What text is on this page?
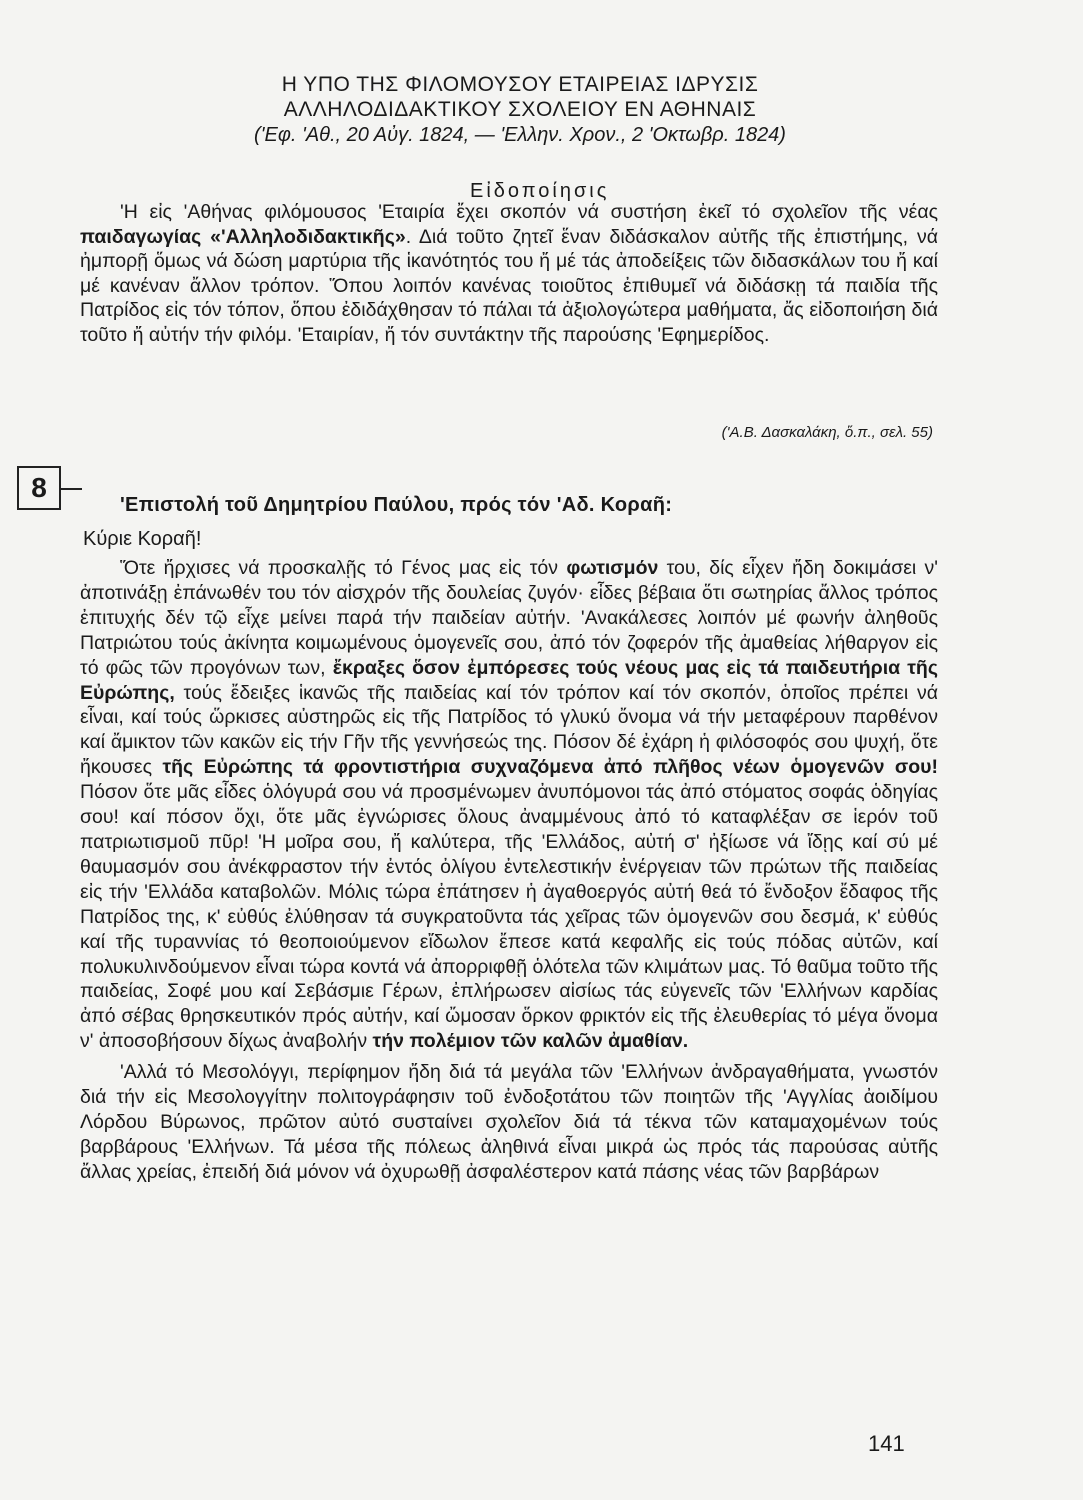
Η ΥΠΟ ΤΗΣ ΦΙΛΟΜΟΥΣΟΥ ΕΤΑΙΡΕΙΑΣ ΙΔΡΥΣΙΣ
ΑΛΛΗΛΟΔΙΔΑΚΤΙΚΟΥ ΣΧΟΛΕΙΟΥ ΕΝ ΑΘΗΝΑΙΣ
('Εφ. 'Αθ., 20 Αὐγ. 1824, — 'Ελλην. Χρον., 2 'Οκτωβρ. 1824)
Εἰδοποίησις

'Η εἰς 'Αθήνας φιλόμουσος 'Εταιρία ἔχει σκοπόν νά συστήση ἐκεῖ τό σχολεῖον τῆς νέας παιδαγωγίας «'Αλληλοδιδακτικῆς». Διά τοῦτο ζητεῖ ἕναν διδάσκαλον αὐτῆς τῆς ἐπιστήμης, νά ἠμπορῇ ὅμως νά δώση μαρτύρια τῆς ἱκανότητός του ἤ μέ τάς ἀποδείξεις τῶν διδασκάλων του ἤ καί μέ κανέναν ἄλλον τρόπον. Ὅπου λοιπόν κανένας τοιοῦτος ἐπιθυμεῖ νά διδάσκῃ τά παιδία τῆς Πατρίδος εἰς τόν τόπον, ὅπου ἐδιδάχθησαν τό πάλαι τά ἀξιολογώτερα μαθήματα, ἄς εἰδοποιήση διά τοῦτο ἤ αὐτήν τήν φιλόμ. 'Εταιρίαν, ἤ τόν συντάκτην τῆς παρούσης 'Εφημερίδος.

('Α.Β. Δασκαλάκη, ὅ.π., σελ. 55)
8
'Επιστολή τοῦ Δημητρίου Παύλου, πρός τόν 'Αδ. Κοραῆ:
Κύριε Κοραῆ!

Ὅτε ἤρχισες νά προσκαλῇς τό Γένος μας εἰς τόν φωτισμόν του, δίς εἶχεν ἤδη δοκιμάσει ν' ἀποτινάξῃ ἐπάνωθέν του τόν αἰσχρόν τῆς δουλείας ζυγόν· εἶδες βέβαια ὅτι σωτηρίας ἄλλος τρόπος ἐπιτυχής δέν τῷ εἶχε μείνει παρά τήν παιδείαν αὐτήν. 'Ανακάλεσες λοιπόν μέ φωνήν ἀληθοῦς Πατριώτου τούς ἀκίνητα κοιμωμένους ὁμογενεῖς σου, ἀπό τόν ζοφερόν τῆς ἀμαθείας λήθαργον εἰς τό φῶς τῶν προγόνων των, ἔκραξες ὅσον ἐμπόρεσες τούς νέους μας εἰς τά παιδευτήρια τῆς Εὐρώπης, τούς ἔδειξες ἱκανῶς τῆς παιδείας καί τόν τρόπον καί τόν σκοπόν, ὁποῖος πρέπει νά εἶναι, καί τούς ὥρκισες αὐστηρῶς εἰς τῆς Πατρίδος τό γλυκύ ὄνομα νά τήν μεταφέρουν παρθένον καί ἄμικτον τῶν κακῶν εἰς τήν Γῆν τῆς γεννήσεώς της. Πόσον δέ ἐχάρη ἡ φιλόσοφός σου ψυχή, ὅτε ἤκουσες τῆς Εὐρώπης τά φροντιστήρια συχναζόμενα ἀπό πλῆθος νέων ὁμογενῶν σου! Πόσον ὅτε μᾶς εἶδες ὁλόγυρά σου νά προσμένωμεν ἀνυπόμονοι τάς ἀπό στόματος σοφάς ὁδηγίας σου! καί πόσον ὄχι, ὅτε μᾶς ἐγνώρισες ὅλους ἀναμμένους ἀπό τό καταφλέξαν σε ἱερόν τοῦ πατριωτισμοῦ πῦρ! 'Η μοῖρα σου, ἤ καλύτερα, τῆς 'Ελλάδος, αὐτή σ' ἠξίωσε νά ἴδῃς καί σύ μέ θαυμασμόν σου ἀνέκφραστον τήν ἐντός ὀλίγου ἐντελεστικήν ἐνέργειαν τῶν πρώτων τῆς παιδείας εἰς τήν 'Ελλάδα καταβολῶν. Μόλις τώρα ἐπάτησεν ἡ ἀγαθοεργός αὐτή θεά τό ἔνδοξον ἔδαφος τῆς Πατρίδος της, κ' εὐθύς ἐλύθησαν τά συγκρατοῦντα τάς χεῖρας τῶν ὁμογενῶν σου δεσμά, κ' εὐθύς καί τῆς τυραννίας τό θεοποιούμενον εἴδωλον ἔπεσε κατά κεφαλῆς εἰς τούς πόδας αὐτῶν, καί πολυκυλινδούμενον εἶναι τώρα κοντά νά ἀπορριφθῇ ὁλότελα τῶν κλιμάτων μας. Τό θαῦμα τοῦτο τῆς παιδείας, Σοφέ μου καί Σεβάσμιε Γέρων, ἐπλήρωσεν αἰσίως τάς εὐγενεῖς τῶν 'Ελλήνων καρδίας ἀπό σέβας θρησκευτικόν πρός αὐτήν, καί ὤμοσαν ὅρκον φρικτόν εἰς τῆς ἐλευθερίας τό μέγα ὄνομα ν' ἀποσοβήσουν δίχως ἀναβολήν τήν πολέμιον τῶν καλῶν ἀμαθίαν.

'Αλλά τό Μεσολόγγι, περίφημον ἤδη διά τά μεγάλα τῶν 'Ελλήνων ἀνδραγαθήματα, γνωστόν διά τήν εἰς Μεσολογγίτην πολιτογράφησιν τοῦ ἐνδοξοτάτου τῶν ποιητῶν τῆς 'Αγγλίας ἀοιδίμου Λόρδου Βύρωνος, πρῶτον αὐτό συσταίνει σχολεῖον διά τά τέκνα τῶν καταμαχομένων τούς βαρβάρους 'Ελλήνων. Τά μέσα τῆς πόλεως ἀληθινά εἶναι μικρά ὡς πρός τάς παρούσας αὐτῆς ἄλλας χρείας, ἐπειδή διά μόνον νά ὀχυρωθῇ ἀσφαλέστερον κατά πάσης νέας τῶν βαρβάρων

141
